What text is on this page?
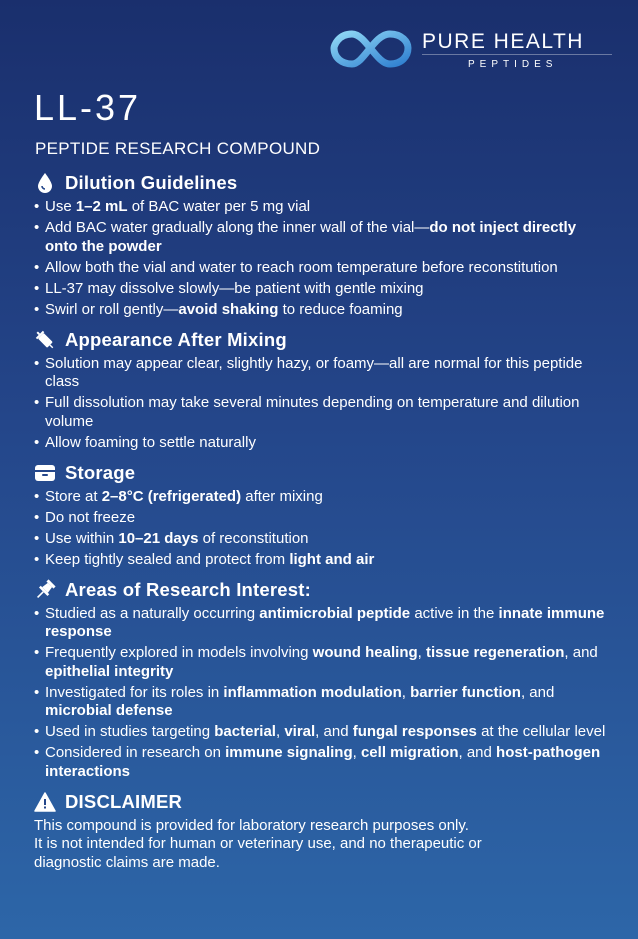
PURE HEALTH
PEPTIDES
LL-37

PEPTIDE RESEARCH COMPOUND

Dilution Guidelines
• Use 1–2 mL of BAC water per 5 mg vial
• Add BAC water gradually along the inner wall of the vial—do not inject directly onto the powder
• Allow both the vial and water to reach room temperature before reconstitution
• LL-37 may dissolve slowly—be patient with gentle mixing
• Swirl or roll gently—avoid shaking to reduce foaming
Appearance After Mixing
• Solution may appear clear, slightly hazy, or foamy—all are normal for this peptide class
• Full dissolution may take several minutes depending on temperature and dilution volume
• Allow foaming to settle naturally
Storage
• Store at 2–8°C (refrigerated) after mixing
• Do not freeze
• Use within 10–21 days of reconstitution
• Keep tightly sealed and protect from light and air
Areas of Research Interest:
• Studied as a naturally occurring antimicrobial peptide active in the innate immune response
• Frequently explored in models involving wound healing, tissue regeneration, and epithelial integrity
• Investigated for its roles in inflammation modulation, barrier function, and microbial defense
• Used in studies targeting bacterial, viral, and fungal responses at the cellular level
• Considered in research on immune signaling, cell migration, and host-pathogen interactions
DISCLAIMER

This compound is provided for laboratory research purposes only.

It is not intended for human or veterinary use, and no therapeutic or

diagnostic claims are made.
